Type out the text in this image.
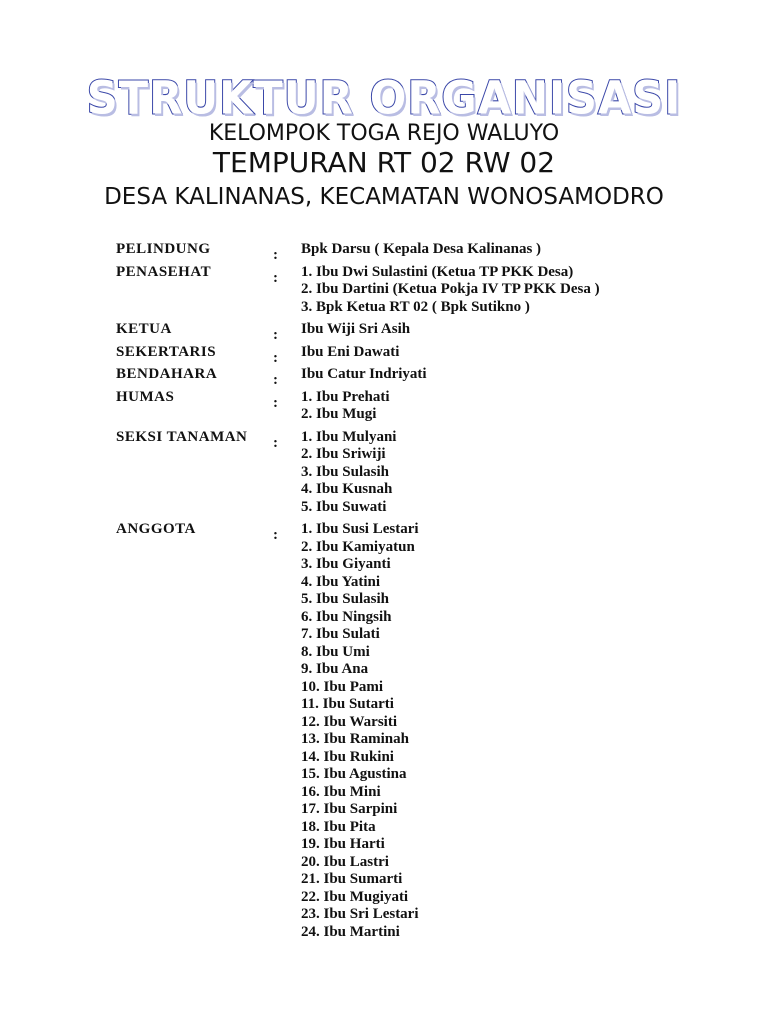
STRUKTUR ORGANISASI
KELOMPOK TOGA REJO WALUYO
TEMPURAN RT 02 RW 02
DESA KALINANAS, KECAMATAN WONOSAMODRO
PELINDUNG	: Bpk Darsu ( Kepala Desa Kalinanas )
PENASEHAT	: 1. Ibu Dwi Sulastini (Ketua TP PKK Desa)
2. Ibu Dartini (Ketua Pokja IV TP PKK Desa )
3. Bpk Ketua RT 02 ( Bpk Sutikno )
KETUA	: Ibu Wiji Sri Asih
SEKERTARIS	: Ibu Eni Dawati
BENDAHARA	: Ibu Catur Indriyati
HUMAS	: 1. Ibu Prehati
2. Ibu Mugi
SEKSI TANAMAN	: 1. Ibu Mulyani
2. Ibu Sriwiji
3. Ibu Sulasih
4. Ibu Kusnah
5. Ibu Suwati
ANGGOTA	: 1. Ibu Susi Lestari
2. Ibu Kamiyatun
3. Ibu Giyanti
4. Ibu Yatini
5. Ibu Sulasih
6. Ibu Ningsih
7. Ibu Sulati
8. Ibu Umi
9. Ibu Ana
10. Ibu Pami
11. Ibu Sutarti
12. Ibu Warsiti
13. Ibu Raminah
14. Ibu Rukini
15. Ibu Agustina
16. Ibu Mini
17. Ibu Sarpini
18. Ibu Pita
19. Ibu Harti
20. Ibu Lastri
21. Ibu Sumarti
22. Ibu Mugiyati
23. Ibu Sri Lestari
24. Ibu Martini
